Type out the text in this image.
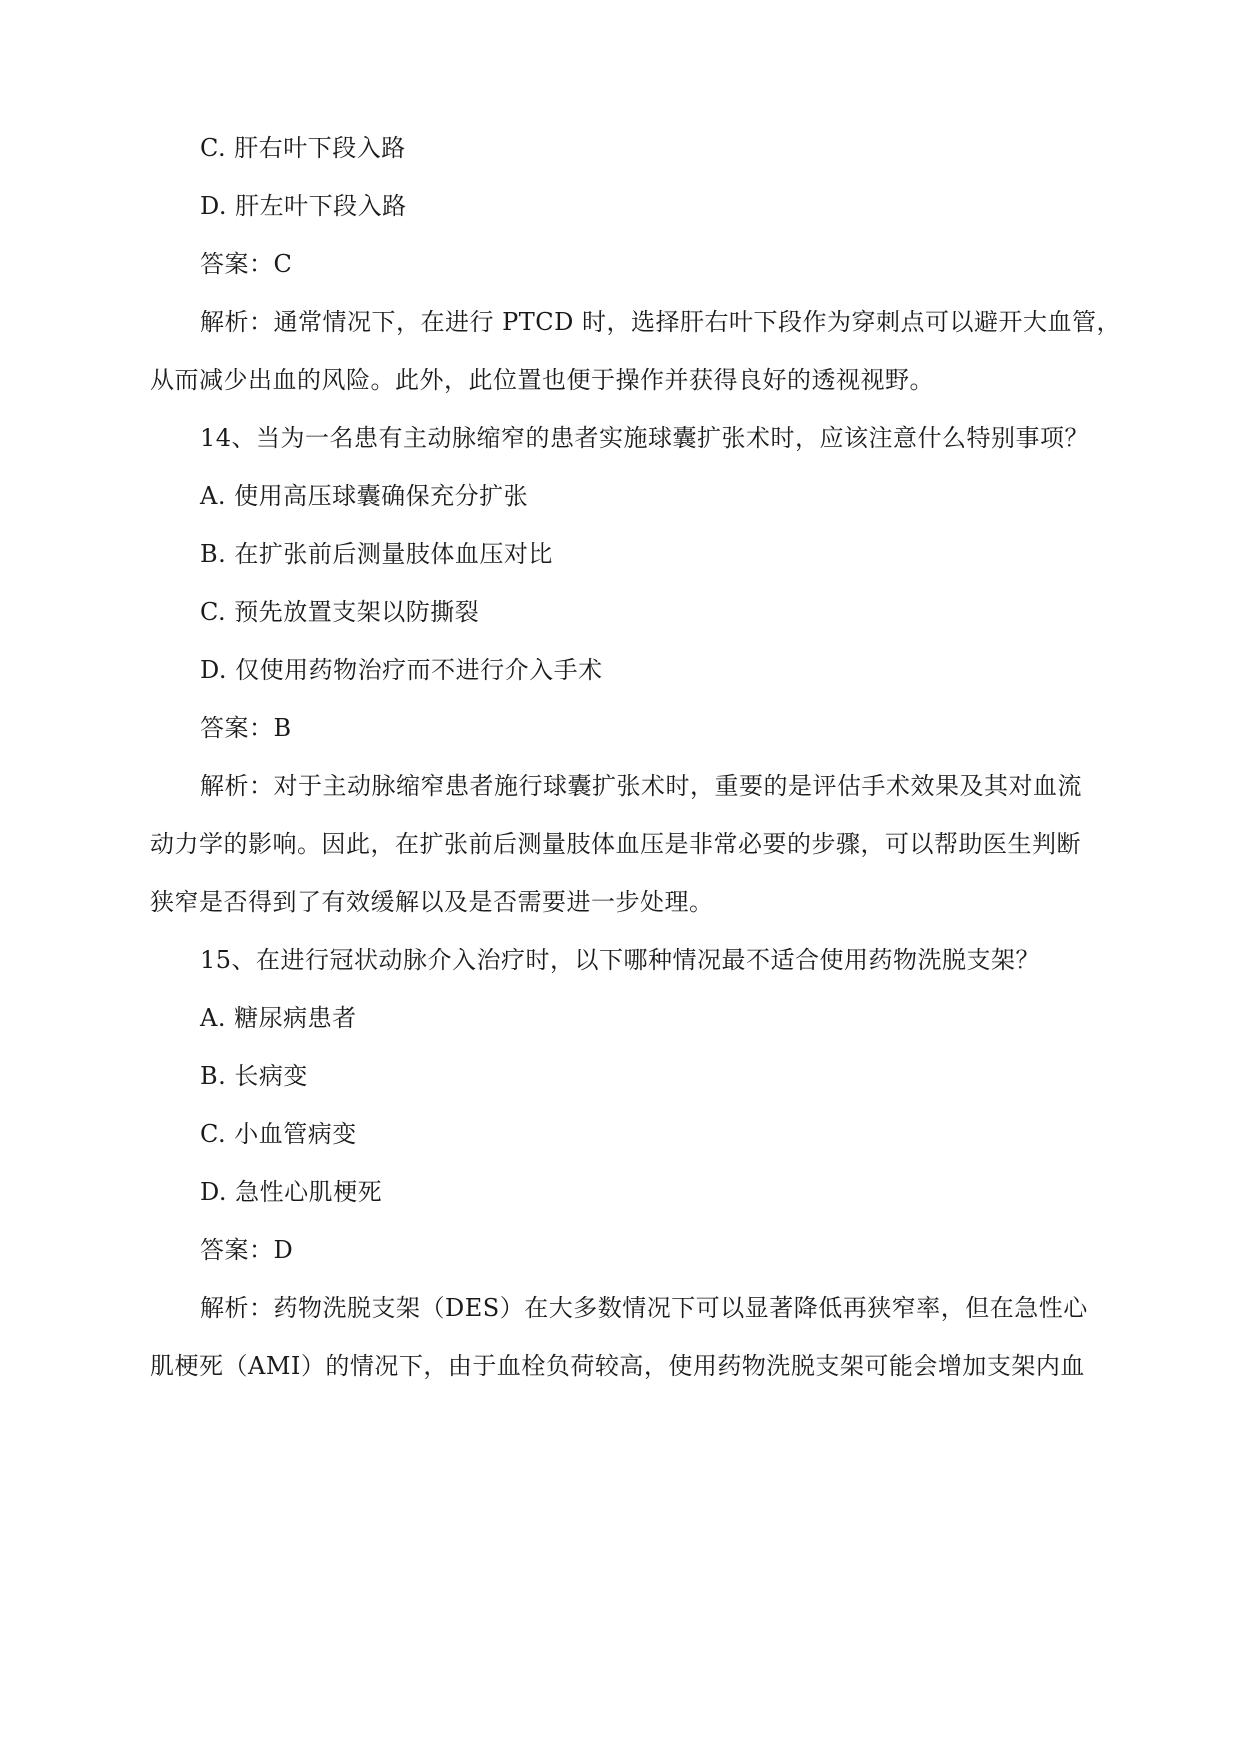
C. 肝右叶下段入路
D. 肝左叶下段入路
答案：C
解析：通常情况下，在进行 PTCD 时，选择肝右叶下段作为穿刺点可以避开大血管，
从而减少出血的风险。此外，此位置也便于操作并获得良好的透视视野。
14、当为一名患有主动脉缩窄的患者实施球囊扩张术时，应该注意什么特别事项？
A. 使用高压球囊确保充分扩张
B. 在扩张前后测量肢体血压对比
C. 预先放置支架以防撕裂
D. 仅使用药物治疗而不进行介入手术
答案：B
解析：对于主动脉缩窄患者施行球囊扩张术时，重要的是评估手术效果及其对血流
动力学的影响。因此，在扩张前后测量肢体血压是非常必要的步骤，可以帮助医生判断
狭窄是否得到了有效缓解以及是否需要进一步处理。
15、在进行冠状动脉介入治疗时，以下哪种情况最不适合使用药物洗脱支架？
A. 糖尿病患者
B. 长病变
C. 小血管病变
D. 急性心肌梗死
答案：D
解析：药物洗脱支架（DES）在大多数情况下可以显著降低再狭窄率，但在急性心
肌梗死（AMI）的情况下，由于血栓负荷较高，使用药物洗脱支架可能会增加支架内血
